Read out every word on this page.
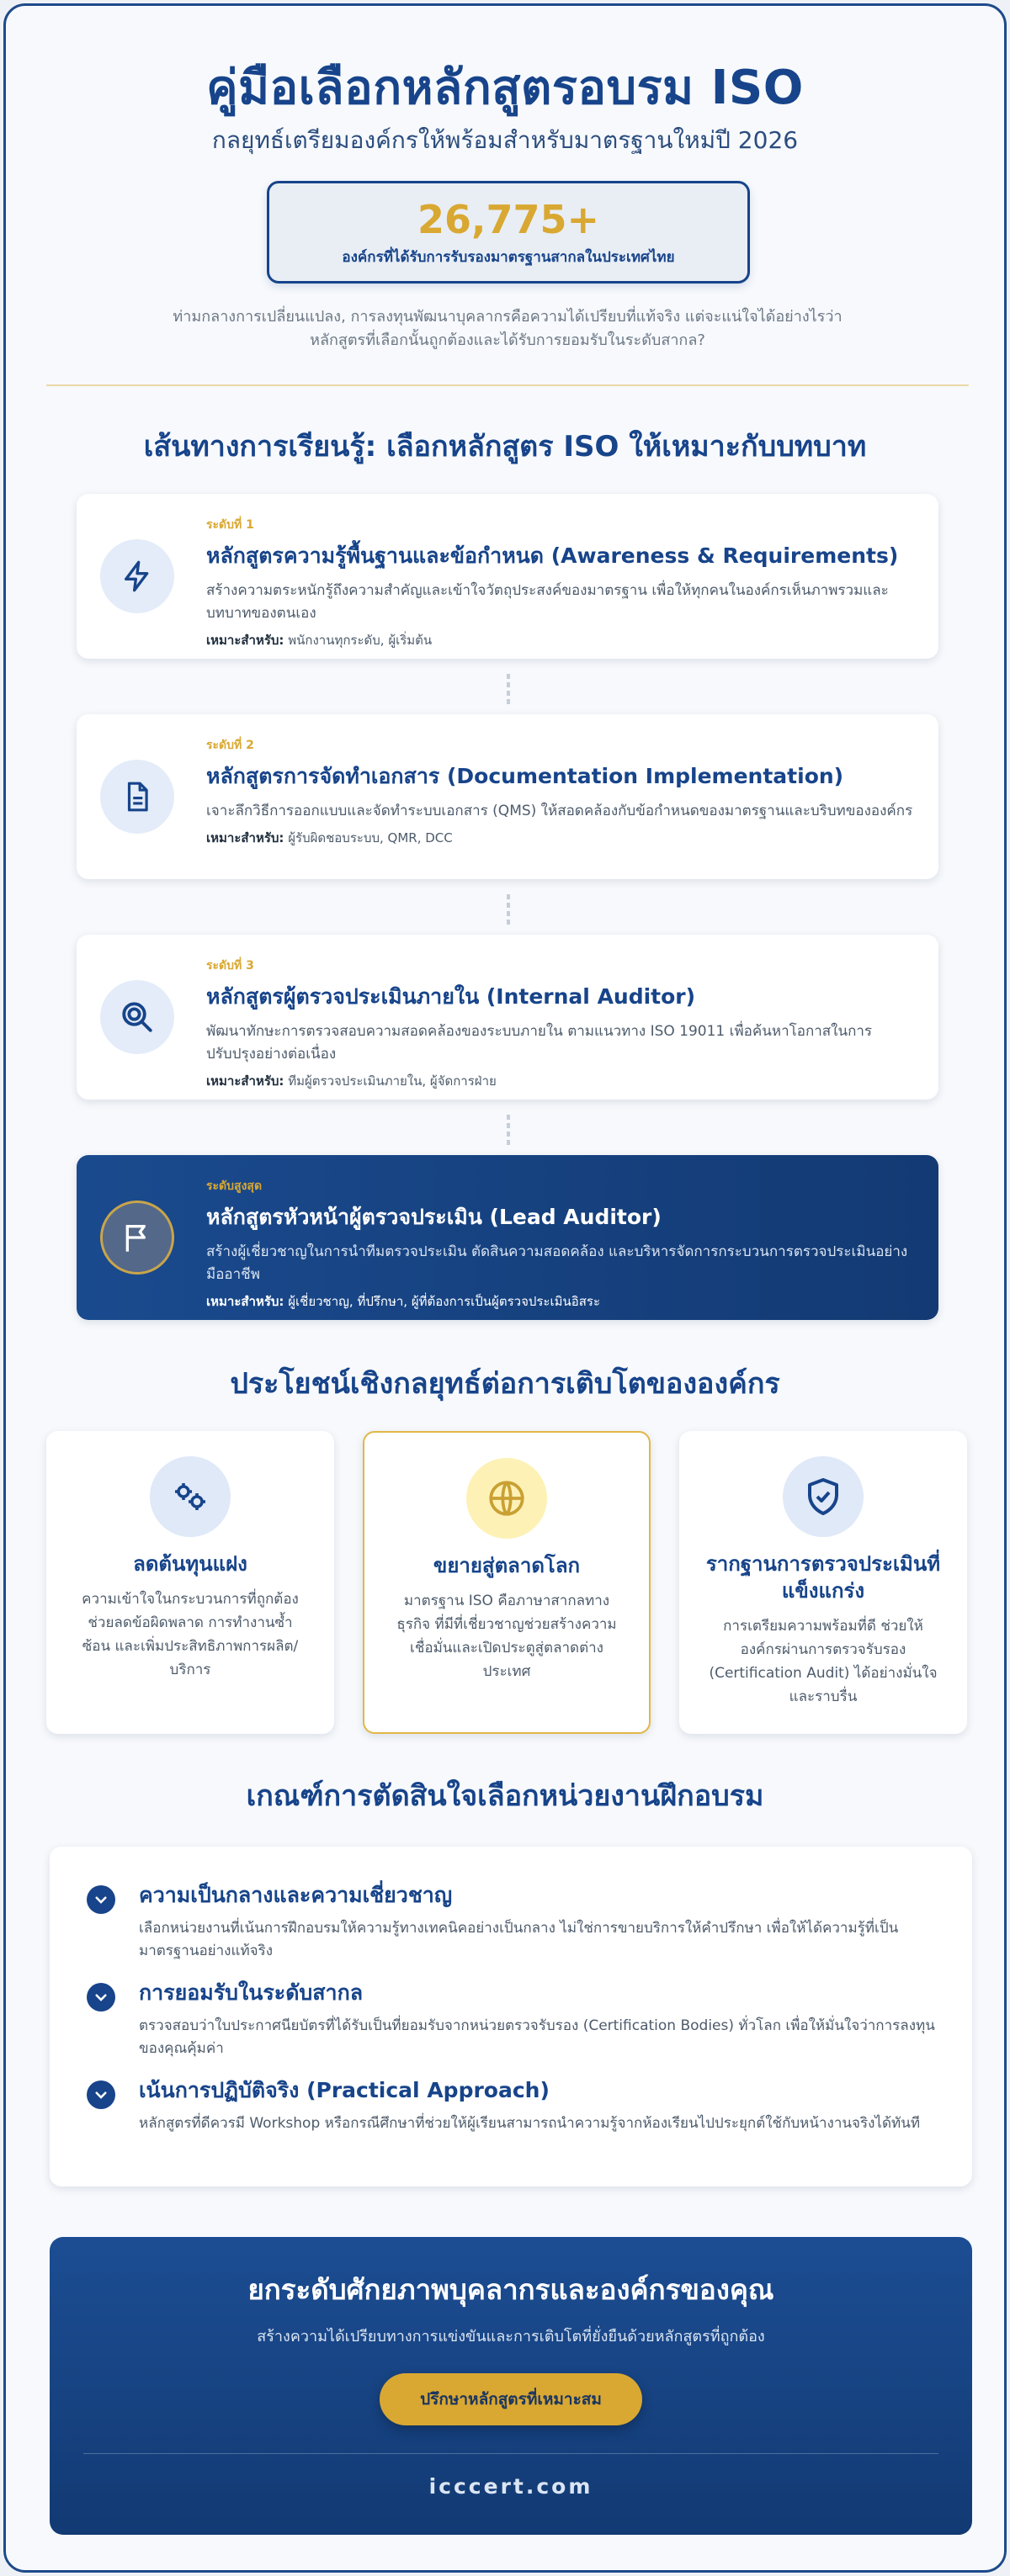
คู่มือเลือกหลักสูตรอบรม ISO
กลยุทธ์เตรียมองค์กรให้พร้อมสำหรับมาตรฐานใหม่ปี 2026
26,775+
องค์กรที่ได้รับการรับรองมาตรฐานสากลในประเทศไทย
ท่ามกลางการเปลี่ยนแปลง, การลงทุนพัฒนาบุคลากรคือความได้เปรียบที่แท้จริง แต่จะแน่ใจได้อย่างไรว่า
หลักสูตรที่เลือกนั้นถูกต้องและได้รับการยอมรับในระดับสากล?
เส้นทางการเรียนรู้: เลือกหลักสูตร ISO ให้เหมาะกับบทบาท
ระดับที่ 1
หลักสูตรความรู้พื้นฐานและข้อกำหนด (Awareness & Requirements)
สร้างความตระหนักรู้ถึงความสำคัญและเข้าใจวัตถุประสงค์ของมาตรฐาน เพื่อให้ทุกคนในองค์กรเห็นภาพรวมและบทบาทของตนเอง
เหมาะสำหรับ: พนักงานทุกระดับ, ผู้เริ่มต้น
ระดับที่ 2
หลักสูตรการจัดทำเอกสาร (Documentation Implementation)
เจาะลึกวิธีการออกแบบและจัดทำระบบเอกสาร (QMS) ให้สอดคล้องกับข้อกำหนดของมาตรฐานและบริบทขององค์กร
เหมาะสำหรับ: ผู้รับผิดชอบระบบ, QMR, DCC
ระดับที่ 3
หลักสูตรผู้ตรวจประเมินภายใน (Internal Auditor)
พัฒนาทักษะการตรวจสอบความสอดคล้องของระบบภายใน ตามแนวทาง ISO 19011 เพื่อค้นหาโอกาสในการปรับปรุงอย่างต่อเนื่อง
เหมาะสำหรับ: ทีมผู้ตรวจประเมินภายใน, ผู้จัดการฝ่าย
ระดับสูงสุด
หลักสูตรหัวหน้าผู้ตรวจประเมิน (Lead Auditor)
สร้างผู้เชี่ยวชาญในการนำทีมตรวจประเมิน ตัดสินความสอดคล้อง และบริหารจัดการกระบวนการตรวจประเมินอย่างมืออาชีพ
เหมาะสำหรับ: ผู้เชี่ยวชาญ, ที่ปรึกษา, ผู้ที่ต้องการเป็นผู้ตรวจประเมินอิสระ
ประโยชน์เชิงกลยุทธ์ต่อการเติบโตขององค์กร
ลดต้นทุนแฝง
ความเข้าใจในกระบวนการที่ถูกต้องช่วยลดข้อผิดพลาด การทำงานซ้ำซ้อน และเพิ่มประสิทธิภาพการผลิต/บริการ
ขยายสู่ตลาดโลก
มาตรฐาน ISO คือภาษาสากลทางธุรกิจ ที่มีที่เชี่ยวชาญช่วยสร้างความเชื่อมั่นและเปิดประตูสู่ตลาดต่างประเทศ
รากฐานการตรวจประเมินที่แข็งแกร่ง
การเตรียมความพร้อมที่ดี ช่วยให้องค์กรผ่านการตรวจรับรอง (Certification Audit) ได้อย่างมั่นใจและราบรื่น
เกณฑ์การตัดสินใจเลือกหน่วยงานฝึกอบรม
ความเป็นกลางและความเชี่ยวชาญ
เลือกหน่วยงานที่เน้นการฝึกอบรมให้ความรู้ทางเทคนิคอย่างเป็นกลาง ไม่ใช่การขายบริการให้คำปรึกษา เพื่อให้ได้ความรู้ที่เป็นมาตรฐานอย่างแท้จริง
การยอมรับในระดับสากล
ตรวจสอบว่าใบประกาศนียบัตรที่ได้รับเป็นที่ยอมรับจากหน่วยตรวจรับรอง (Certification Bodies) ทั่วโลก เพื่อให้มั่นใจว่าการลงทุนของคุณคุ้มค่า
เน้นการปฏิบัติจริง (Practical Approach)
หลักสูตรที่ดีควรมี Workshop หรือกรณีศึกษาที่ช่วยให้ผู้เรียนสามารถนำความรู้จากห้องเรียนไปประยุกต์ใช้กับหน้างานจริงได้ทันที
ยกระดับศักยภาพบุคลากรและองค์กรของคุณ
สร้างความได้เปรียบทางการแข่งขันและการเติบโตที่ยั่งยืนด้วยหลักสูตรที่ถูกต้อง
ปรึกษาหลักสูตรที่เหมาะสม
icccert.com
